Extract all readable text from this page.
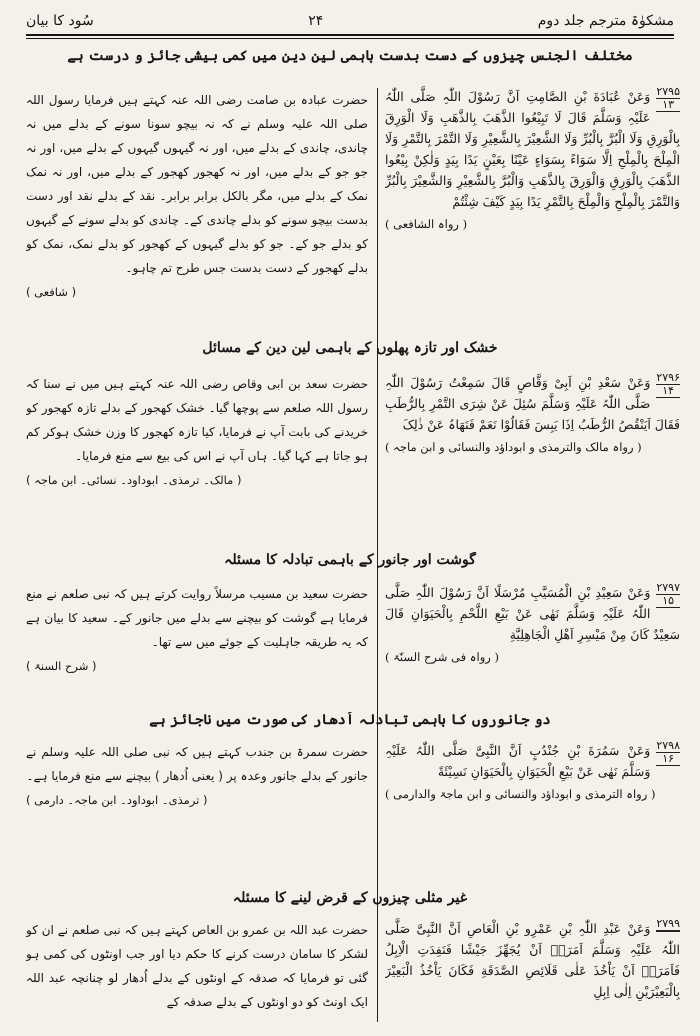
سُود کا بیان	۲۴	مشکوٰۃ مترجم جلد دوم
مختلف الجنس چیزوں کے دست بدست باہمی لین دین میں کمی بیشی جائز و درست ہے
۲۷۹۵
۱۳
وَعَنْ عُبَادَةَ بْنِ الصَّامِتِ اَنَّ رَسُوْلَ اللّٰہِ صَلَّى اللّٰہُ عَلَیْہِ وَسَلَّمَ قَالَ لَا تَبِیْعُوا الذَّھَبَ بِالذَّھَبِ وَلَا الْوَرِقَ بِالْوَرِقِ وَلَا الْبُرَّ بِالْبُرِّ وَلَا الشَّعِیْرَ بِالشَّعِیْرِ وَلَا التَّمْرَ بِالتَّمْرِ وَلَا الْمِلْحَ بِالْمِلْحِ اِلَّا سَوَاءً بِسَوَاءٍ عَیْنًا بِعَیْنٍ یَدًا بِیَدٍ وَلٰکِنْ بِیْعُوا الذَّھَبَ بِالْوَرِقِ وَالْوَرِقَ بِالذَّھَبِ وَالْبُرَّ بِالشَّعِیْرِ وَالشَّعِیْرَ بِالْبُرِّ وَالتَّمْرَ بِالْمِلْحِ وَالْمِلْحَ بِالتَّمْرِ یَدًا بِیَدٍ کَیْفَ شِئْتُمْ
( رواہ الشافعی )
حضرت عبادہ بن صامت رضی اللہ عنہ کہتے ہیں فرمایا رسول اللہ صلی اللہ علیہ وسلم نے کہ نہ بیچو سونا سونے کے بدلے میں نہ چاندی، چاندی کے بدلے میں، اور نہ گیہوں گیہوں کے بدلے میں، اور نہ جو جو کے بدلے میں، اور نہ کھجور کھجور کے بدلے میں، اور نہ نمک نمک کے بدلے میں، مگر بالکل برابر برابر۔ نقد کے بدلے نقد اور دست بدست بیچو سونے کو بدلے چاندی کے۔ چاندی کو بدلے سونے کے گیہوں کو بدلے جو کے۔ جو کو بدلے گیہوں کے کھجور کو بدلے نمک، نمک کو بدلے کھجور کے دست بدست جس طرح تم چاہو۔
( شافعی )
خشک اور تازہ پھلوں کے باہمی لین دین کے مسائل
۲۷۹۶
۱۴
وَعَنْ سَعْدِ بْنِ اَبِیْ وَقَّاصٍ قَالَ سَمِعْتُ رَسُوْلَ اللّٰہِ صَلَّى اللّٰہُ عَلَیْہِ وَسَلَّمَ سُئِلَ عَنْ شِرَى التَّمْرِ بِالرُّطَبِ فَقَالَ اَیَنْقُصُ الرُّطَبُ اِذَا یَبِسَ فَقَالُوْا نَعَمْ فَنَھَاہُ عَنْ ذٰلِکَ
( رواہ مالک والترمذی و ابوداؤد والنسائی و ابن ماجہ )
حضرت سعد بن ابی وقاص رضی اللہ عنہ کہتے ہیں میں نے سنا کہ رسول اللہ صلعم سے پوچھا گیا۔ خشک کھجور کے بدلے تازہ کھجور کو خریدنے کی بابت آپ نے فرمایا، کیا تازہ کھجور کا وزن خشک ہوکر کم ہو جاتا ہے کہا گیا۔ ہاں آپ نے اس کی بیع سے منع فرمایا۔
( مالک۔ ترمذی۔ ابوداود۔ نسائی۔ ابن ماجہ )
گوشت اور جانور کے باہمی تبادلہ کا مسئلہ
۲۷۹۷
۱۵
وَعَنْ سَعِیْدِ بْنِ الْمُسَیَّبِ مُرْسَلًا اَنَّ رَسُوْلَ اللّٰہِ صَلَّى اللّٰہُ عَلَیْہِ وَسَلَّمَ نَھٰى عَنْ بَیْعِ اللَّحْمِ بِالْحَیَوَانِ قَالَ سَعِیْدٌ کَانَ مِنْ مَیْسِرِ اَھْلِ الْجَاھِلِیَّةِ
( رواہ فی شرح السنّۃ )
حضرت سعید بن مسیب مرسلاً روایت کرتے ہیں کہ نبی صلعم نے منع فرمایا ہے گوشت کو بیچنے سے بدلے میں جانور کے۔ سعید کا بیان ہے کہ یہ طریقہ جاہلیت کے جوئے میں سے تھا۔
( شرح السنۃ )
دو جانوروں کا باہمی تبادلہ اُدھار کی صورت میں ناجائز ہے
۲۷۹۸
۱۶
وَعَنْ سَمُرَةَ بْنِ جُنْدُبٍ اَنَّ النَّبِیَّ صَلَّى اللّٰہُ عَلَیْہِ وَسَلَّمَ نَھٰى عَنْ بَیْعِ الْحَیَوَانِ بِالْحَیَوَانِ نَسِیْئَةً
( رواہ الترمذی و ابوداؤد والنسائی و ابن ماجۃ والدارمی )
حضرت سمرۃ بن جندب کہتے ہیں کہ نبی صلی اللہ علیہ وسلم نے جانور کے بدلے جانور وعدہ پر ( یعنی اُدھار ) بیچنے سے منع فرمایا ہے۔
( ترمذی۔ ابوداود۔ ابن ماجہ۔ دارمی )
غیر مثلی چیزوں کے قرض لینے کا مسئلہ
۲۷۹۹
وَعَنْ عَبْدِ اللّٰہِ بْنِ عَمْرِو بْنِ الْعَاصِ اَنَّ النَّبِیَّ صَلَّى اللّٰہُ عَلَیْہِ وَسَلَّمَ اَمَرَہٗ اَنْ یُجَھِّزَ جَیْشًا فَنَفِدَتِ الْاِبِلُ فَاَمَرَہٗ اَنْ یَاْخُذَ عَلٰى قَلَائِصِ الصَّدَقَةِ فَکَانَ یَاْخُذُ الْبَعِیْرَ بِالْبَعِیْرَیْنِ اِلٰى اِبِلِ
حضرت عبد اللہ بن عمرو بن العاص کہتے ہیں کہ نبی صلعم نے ان کو لشکر کا سامان درست کرنے کا حکم دیا اور جب اونٹوں کی کمی ہو گئی تو فرمایا کہ صدقہ کے اونٹوں کے بدلے اُدھار لو چنانچہ عبد اللہ ایک اونٹ کو دو اونٹوں کے بدلے صدقہ کے
